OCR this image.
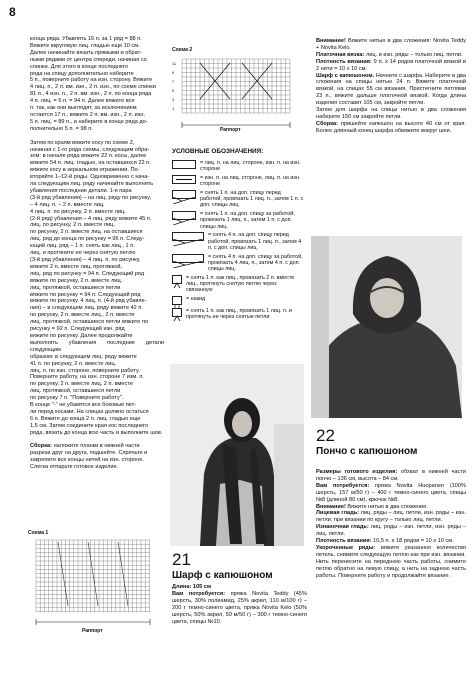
8

конца ряда. Убавлять 16 п. за 1 ряд = 88 п.

Вяжите вкруговую лиц. гладью еще 10 см.

Далее начинайте вязать прямыми и обрат-

ными рядами от центра спереди, начиная со

спинки. Для этого в конце последнего

ряда на спицу дополнительно наберите

5 п., поверните работу на изн. сторону. Вяжите

4 лиц. п., 2 п. вм. изн., 2 п. изн., по схеме спинки

81 п., 4 изн. п., 2 п. вм. изн., 2 п. по конца ряда

4 п. лиц. = 5 п. = 94 п. Далее вяжите все

п. так, как они выглядят, за исключением

остается 17 п., вяжите 2 п. вм. изн., 2 п. изн.

5 п. лиц. = 89 п., и наберите в конце ряда до-

полнительно 5 п. = 98 п.

Затем по краям вяжите косу по схеме 2,

начиная с 1-го ряда схемы, следующим обра-

зом: в начале ряда вяжите 22 п. косы, далее

вяжите 54 п. лиц. гладью, на оставшихся 22 п.

вяжите косу в зеркальном отражении. По-

вторяйте 1–12-й ряды. Одновременно с нача-

ла следующим лиц. ряду начинайте выполнять

убавления последние детали. 1-я пара

(3-й ряд убавления) – на лиц. ряду по рисунку,

– 4 лиц. п. – 2 п. вместе лиц.

4 лиц. п. по рисунку, 2 п. вместе лиц.

(2-й ряд) убавления – 4 лиц. ряду вяжите 45 п.

лиц. по рисунку, 2 п. вместе лиц.

по рисунку, 2 п. вместе лиц. на оставшиеся

лиц. ряд до конца по рисунку = 96 п. Следу-

ющий лиц. ряд – 1 п. снять как лиц., 1 п.

лиц. и протяните ее через снятую петлю

(3-й ряд убавления) – 4 лиц. п. по рисунку,

вяжите 2 п. вместе лиц. протяжкой,

лиц. ряд по рисунку = 94 п. Следующий ряд

вяжите по рисунку, 2 п. вместе лиц.

лиц. протяжкой, оставшиеся петли

вяжите по рисунку = 94 п. Следующий ряд

вяжите по рисунку. 4 лиц. п. (4-й ряд убавле-

ния) – в следующем лиц. ряду вяжите 42 п.

по рисунку, 2 п. вместе лиц., 2 п. вместе

лиц. протяжкой, оставшиеся петли вяжите по

рисунку = 92 п. Следующий изн. ряд

вяжите по рисунку. Далее продолжайте

выполнять убавления последние детали следующим

образом: в следующем лиц. ряду вяжите

41 п. по рисунку, 2 п. вместе лиц.

лиц. п. по изн. стороне, поверните работу.

Поверните работу, на изн. стороне 7 изм. п.

по рисунку, 2 п. вместе лиц. 2 п. вместе

лиц. протяжкой, оставшиеся петли

по рисунку 7 п. "Поверните работу".

В конце "-" не убавятся все боковые пет-

ли перед косами. На спицах должно остаться

6 п. Вяжите до конца 2 п. лиц. гладью еще

1,5 см. Затем соедините края кос последнего

ряда, вязать до конца всю часть и выполните шов.

Сборка: наложите планки в нижней части

разреза друг на друга, подшейте. Спрячьте и

закрепите все концы нитей на изн. стороне.

Слегка отпарьте готовое изделие.

Схема 2
11
9
7
5
3
1
Раппорт
УСЛОВНЫЕ ОБОЗНАЧЕНИЯ:
= лиц. п. на лиц. стороне, изн. п. на изн. стороне
= изн. п. на лиц. стороне, лиц. п. на изн. стороне
= снять 1 п. на доп. спицу перед работой, провязать 1 лиц. п., затем 1 п. с доп. спицы лиц.
= снять 1 п. на доп. спицу за работой, провязать 1 лиц. п., затем 1 п. с доп. спицы лиц.
= снять 4 п. на доп. спицу перед работой, провязать 1 лиц. п., затем 4 п. с доп. спицы лиц.
= снять 4 п. на доп. спицу за работой, провязать 4 лиц. п., затем 4 п. с доп. спицы лиц.
= снять 1 п. как лиц., провязать 2 п. вместе лиц., протянуть снятую петлю через связанную
= накид
= снять 1 п. как лиц., провязать 1 лиц. п. и протянуть ее через снятые петли
22
Пончо с капюшоном

Размеры готового изделия: обхват в нижней части пончо – 136 см, высота – 84 см.

Вам потребуется: пряжа Novita Huopanen (100% шерсть, 157 м/50 г) – 400 г темно-синего цвета, спицы №8 (длиной 80 см), крючок №8.

Внимание! Вяжите нитью в два сложения.

Лицевая гладь: лиц. ряды – лиц. петли, изн. ряды – изн. петли; при вязании по кругу – только лиц. петли.

Изнаночная гладь: лиц. ряды – изн. петли, изн. ряды – лиц. петли.

Плотность вязания: 10,5 п. х 18 рядов = 10 х 10 см.

Укороченные ряды: вяжите указанное количество петель, снимите следующую петлю как при изн. вязании. Нить перенесите на переднюю часть работы, снимите петлю обратно на левую спицу, а нить на заднюю часть работы. Поверните работу и продолжайте вязание.

Внимание! Вяжите нитью в два сложения: Novita Teddy + Novita Kelo.

Платочная вязка: лиц. и изн. ряды – только лиц. петли.

Плотность вязания: 9 п. х 14 рядов платочной вязкой в 2 нити = 10 х 10 см.

Шарф с капюшоном. Начните с шарфа. Наберите в два сложения на спицы нитью 24 п. Вяжите платочной вязкой, на спицах 55 см вязания. Пристегните петлями 23 п., вяжите дальше платочной вязкой. Когда длина изделия составит 105 см, закройте петли.

Затем для шарфа на спицы нитью в два сложения наберите 150 см закройте петли.

Сборка: пришейте капюшон на высоте 40 см от края. Более длинный конец шарфа обвяжите вокруг шеи.

Схема 1
Раппорт
21
Шарф с капюшоном

Длина: 105 см

Вам потребуется: пряжа Novita Teddy (45% шерсть, 30% полиамид, 25% акрил, 110 м/100 г) – 200 г темно-синего цвета, пряжа Novita Kelo (50% шерсть, 50% акрил, 50 м/50 г) – 300 г темно-синего цвета, спицы №10.
